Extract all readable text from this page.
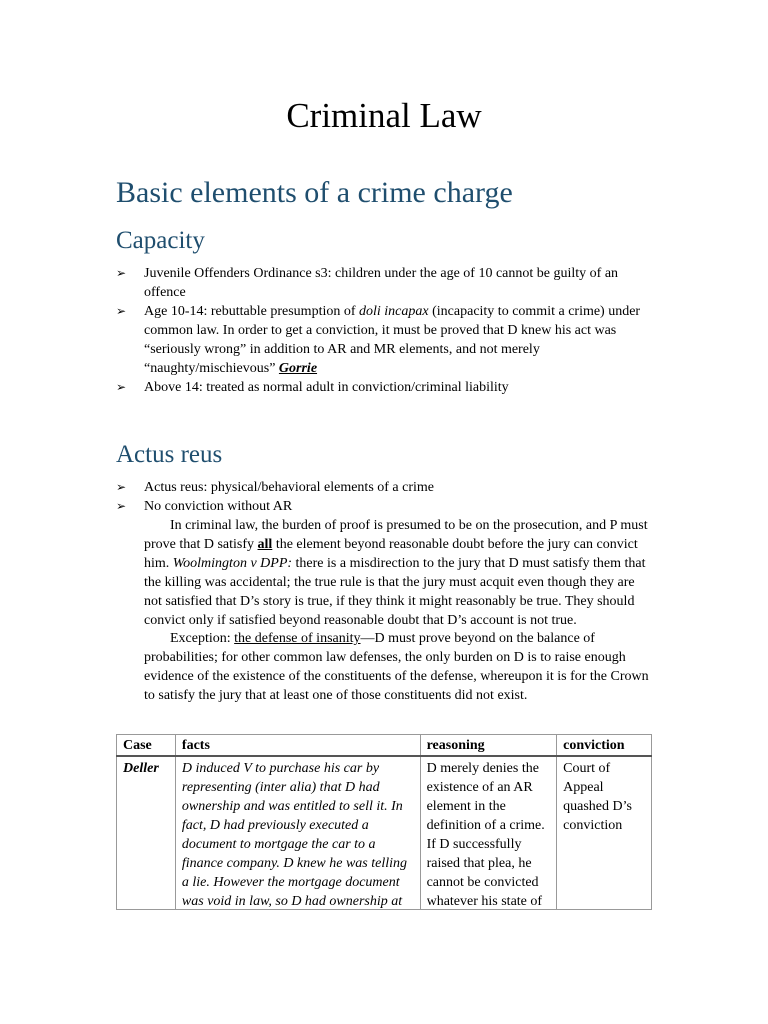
Criminal Law
Basic elements of a crime charge
Capacity
➢ Juvenile Offenders Ordinance s3: children under the age of 10 cannot be guilty of an offence
➢ Age 10-14: rebuttable presumption of doli incapax (incapacity to commit a crime) under common law. In order to get a conviction, it must be proved that D knew his act was “seriously wrong” in addition to AR and MR elements, and not merely “naughty/mischievous” Gorrie
➢ Above 14: treated as normal adult in conviction/criminal liability
Actus reus
➢ Actus reus: physical/behavioral elements of a crime
➢ No conviction without AR

In criminal law, the burden of proof is presumed to be on the prosecution, and P must prove that D satisfy all the element beyond reasonable doubt before the jury can convict him. Woolmington v DPP: there is a misdirection to the jury that D must satisfy them that the killing was accidental; the true rule is that the jury must acquit even though they are not satisfied that D’s story is true, if they think it might reasonably be true. They should convict only if satisfied beyond reasonable doubt that D’s account is not true.

Exception: the defense of insanity—D must prove beyond on the balance of probabilities; for other common law defenses, the only burden on D is to raise enough evidence of the existence of the constituents of the defense, whereupon it is for the Crown to satisfy the jury that at least one of those constituents did not exist.

Case	facts	reasoning	conviction

Deller	D induced V to purchase his car by representing (inter alia) that D had ownership and was entitled to sell it. In fact, D had previously executed a document to mortgage the car to a finance company. D knew he was telling a lie. However the mortgage document was void in law, so D had ownership at	D merely denies the existence of an AR element in the definition of a crime. If D successfully raised that plea, he cannot be convicted whatever his state of	Court of Appeal quashed D’s conviction
